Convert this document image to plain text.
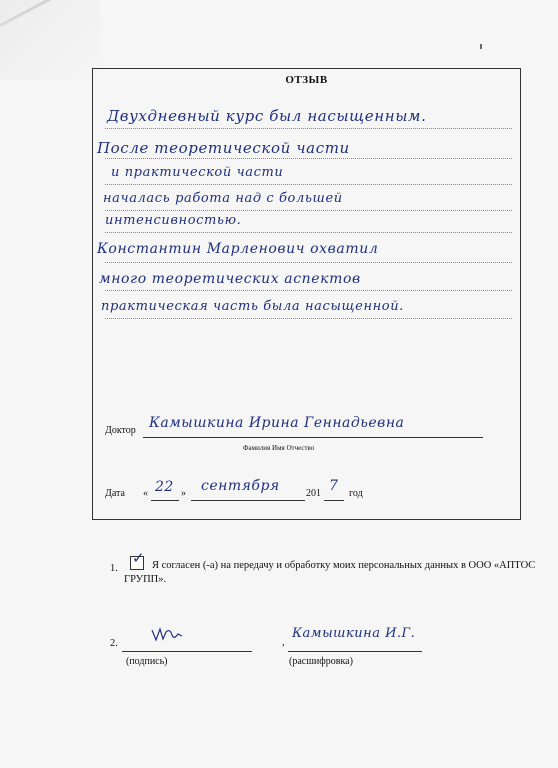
ОТЗЫВ
Двухдневный курс был насыщенным.
После теоретической части
и практической части
началась работа над с большей
интенсивностью.
Константин Марленович охватил
много теоретических аспектов
практическая часть была насыщенной.
Доктор Камышкина Ирина Геннадьевна
Фамилия Имя Отчество
Дата « 22 » сентября	201 7 год
1.
✓ Я согласен (-а) на передачу и обработку моих персональных данных в ООО «АПТОС ГРУПП».
2.
(подпись)
,
Камышкина И.Г.
(расшифровка)
